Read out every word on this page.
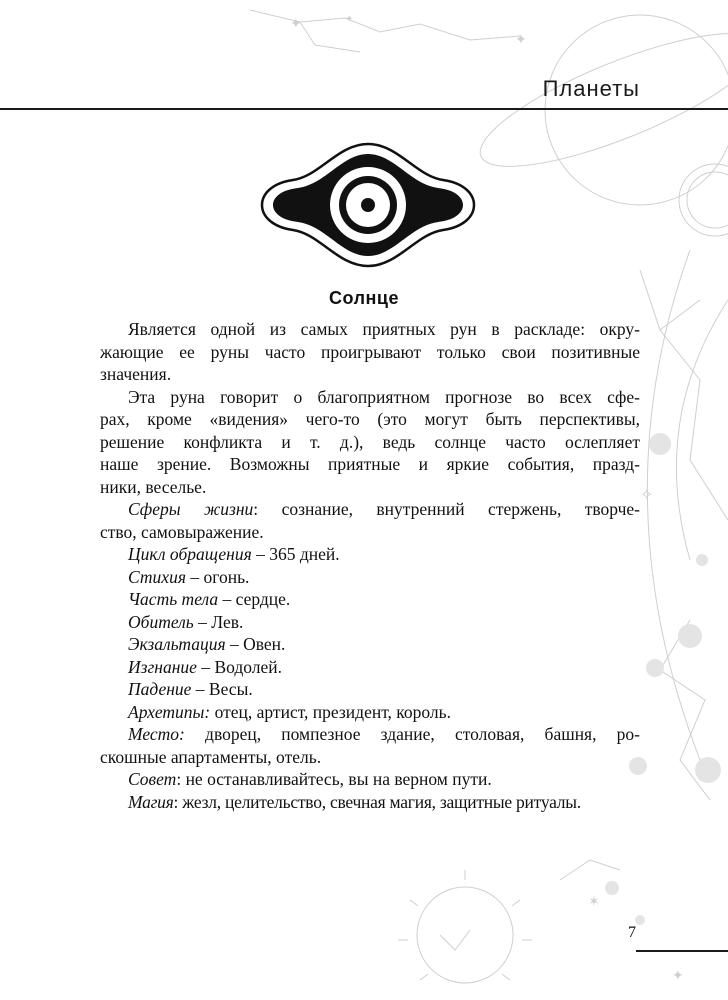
✦
✦	✦
✦
✧
✶
Планеты
Солнце
Является одной из самых приятных рун в раскладе: окру-
жающие ее руны часто проигрывают только свои позитивные
значения.
Эта руна говорит о благоприятном прогнозе во всех сфе-
рах, кроме «видения» чего-то (это могут быть перспективы,
решение конфликта и т. д.), ведь солнце часто ослепляет
наше зрение. Возможны приятные и яркие события, празд-
ники, веселье.
Сферы жизни: сознание, внутренний стержень, творче-
ство, самовыражение.

Цикл обращения – 365 дней.

Стихия – огонь.

Часть тела – сердце.

Обитель – Лев.

Экзальтация – Овен.

Изгнание – Водолей.

Падение – Весы.

Архетипы: отец, артист, президент, король.

Место: дворец, помпезное здание, столовая, башня, ро-
скошные апартаменты, отель.

Совет: не останавливайтесь, вы на верном пути.

Магия: жезл, целительство, свечная магия, защитные ритуалы.

7
